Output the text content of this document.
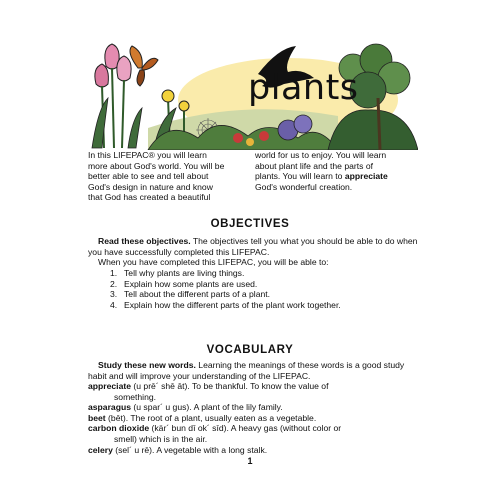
plants
In this LIFEPAC® you will learn
more about God's world. You will be
better able to see and tell about
God's design in nature and know
that God has created a beautiful
world for us to enjoy. You will learn
about plant life and the parts of
plants. You will learn to appreciate
God's wonderful creation.
OBJECTIVES
Read these objectives. The objectives tell you what you should be able to do when you have successfully completed this LIFEPAC.
When you have completed this LIFEPAC, you will be able to:
1. Tell why plants are living things.
2. Explain how some plants are used.
3. Tell about the different parts of a plant.
4. Explain how the different parts of the plant work together.
VOCABULARY
Study these new words. Learning the meanings of these words is a good study habit and will improve your understanding of the LIFEPAC.
appreciate (u prē´ shē āt). To be thankful. To know the value of
something.
asparagus (u spar´ u gus). A plant of the lily family.
beet (bēt). The root of a plant, usually eaten as a vegetable.
carbon dioxide (kär´ bun dī ok´ sīd). A heavy gas (without color or
smell) which is in the air.
celery (sel´ u rē). A vegetable with a long stalk.
1
